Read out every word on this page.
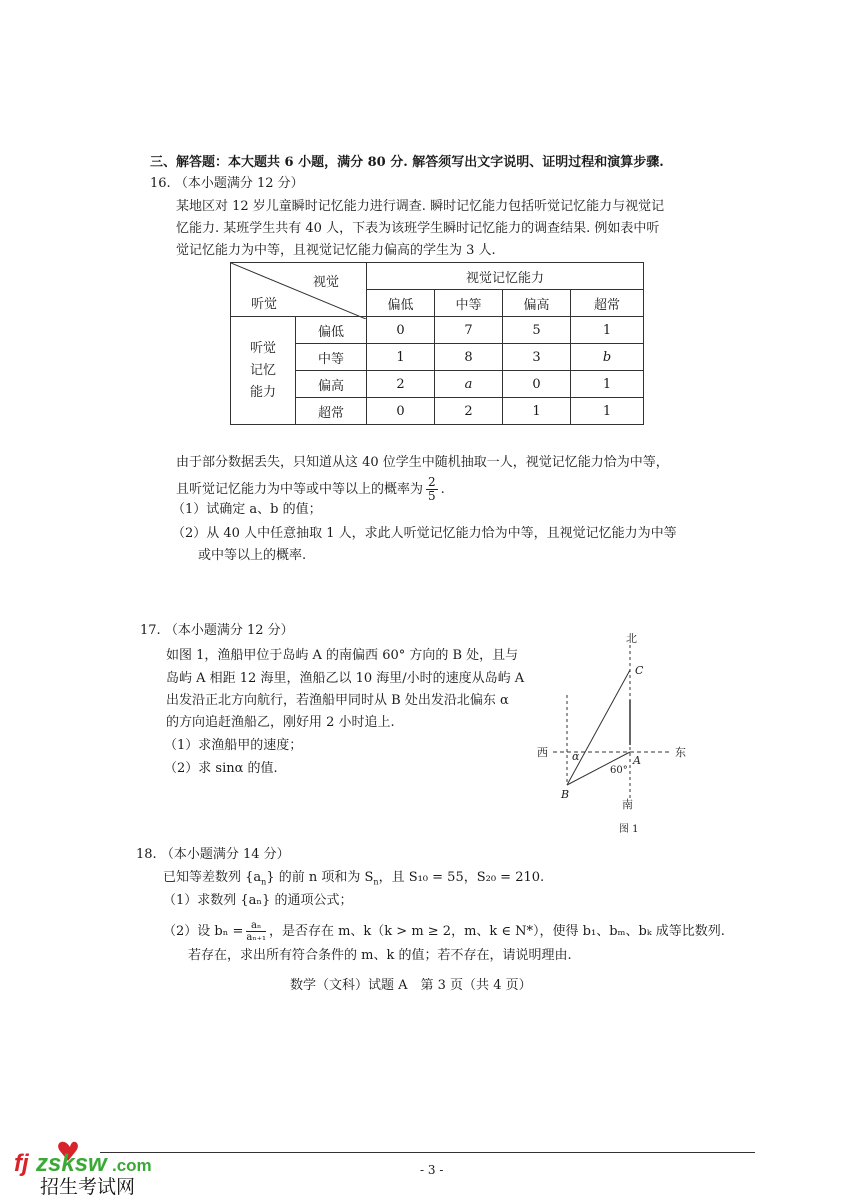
三、解答题：本大题共 6 小题，满分 80 分. 解答须写出文字说明、证明过程和演算步骤.
16. （本小题满分 12 分）
某地区对 12 岁儿童瞬时记忆能力进行调查. 瞬时记忆能力包括听觉记忆能力与视觉记
忆能力. 某班学生共有 40 人，下表为该班学生瞬时记忆能力的调查结果. 例如表中听
觉记忆能力为中等，且视觉记忆能力偏高的学生为 3 人.
视觉
听觉		视觉记忆能力			
		偏低	中等	偏高	超常
听觉记忆能力	偏低	0	7	5	1
	中等	1	8	3	b
	偏高	2	a	0	1
	超常	0	2	1	1
由于部分数据丢失，只知道从这 40 位学生中随机抽取一人，视觉记忆能力恰为中等，
且听觉记忆能力为中等或中等以上的概率为 $\frac{2}{5}$ .
（1）试确定 a、b 的值；
（2）从 40 人中任意抽取 1 人，求此人听觉记忆能力恰为中等，且视觉记忆能力为中等
或中等以上的概率.
17. （本小题满分 12 分）
如图 1，渔船甲位于岛屿 A 的南偏西 60° 方向的 B 处，且与
岛屿 A 相距 12 海里，渔船乙以 10 海里/小时的速度从岛屿 A
出发沿正北方向航行，若渔船甲同时从 B 处出发沿北偏东 α
的方向追赶渔船乙，刚好用 2 小时追上.
（1）求渔船甲的速度；
（2）求 sinα 的值.
北
C
西	东
A
α
60°
B
南
图 1
18. （本小题满分 14 分）
已知等差数列 $\{a_n\}$ 的前 n 项和为 $S_n$，且 S₁₀ = 55，S₂₀ = 210.
（1）求数列 {aₙ} 的通项公式；
（2）设 $b_n = \frac{\text{aₙ}}{\text{aₙ₊₁}}$ ，是否存在 m、k（k > m ≥ 2，m、k ∈ N*），使得 b₁、bₘ、bₖ 成等比数列.
若存在，求出所有符合条件的 m、k 的值；若不存在，请说明理由.
数学（文科）试题 A　第 3 页（共 4 页）
- 3 -
fj zsksw .com
招生考试网
